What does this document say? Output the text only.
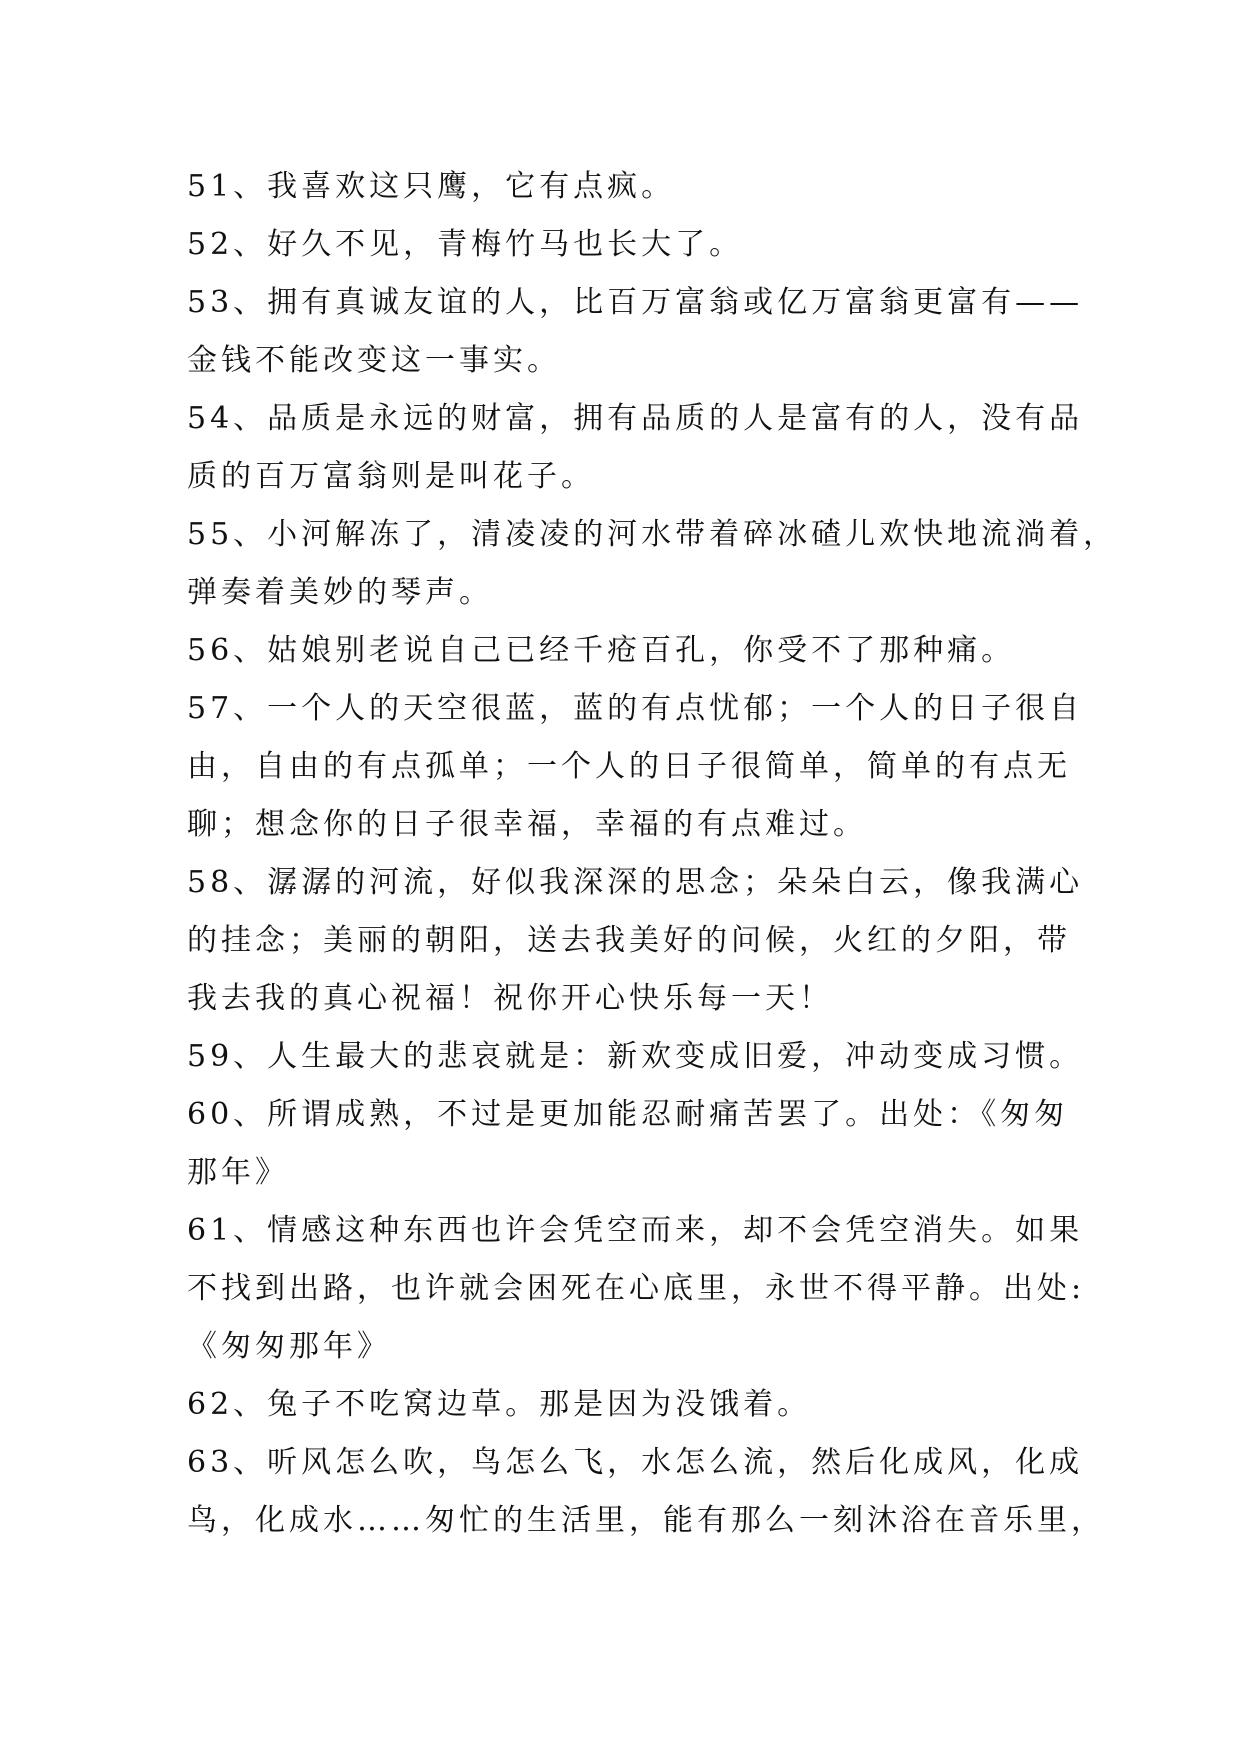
51、我喜欢这只鹰，它有点疯。
52、好久不见，青梅竹马也长大了。
53、拥有真诚友谊的人，比百万富翁或亿万富翁更富有——
金钱不能改变这一事实。
54、品质是永远的财富，拥有品质的人是富有的人，没有品
质的百万富翁则是叫花子。
55、小河解冻了，清凌凌的河水带着碎冰碴儿欢快地流淌着，
弹奏着美妙的琴声。
56、姑娘别老说自己已经千疮百孔，你受不了那种痛。
57、一个人的天空很蓝，蓝的有点忧郁；一个人的日子很自
由，自由的有点孤单；一个人的日子很简单，简单的有点无
聊；想念你的日子很幸福，幸福的有点难过。
58、潺潺的河流，好似我深深的思念；朵朵白云，像我满心
的挂念；美丽的朝阳，送去我美好的问候，火红的夕阳，带
我去我的真心祝福！祝你开心快乐每一天！
59、人生最大的悲哀就是：新欢变成旧爱，冲动变成习惯。
60、所谓成熟，不过是更加能忍耐痛苦罢了。出处：《匆匆
那年》
61、情感这种东西也许会凭空而来，却不会凭空消失。如果
不找到出路，也许就会困死在心底里，永世不得平静。出处:
《匆匆那年》
62、兔子不吃窝边草。那是因为没饿着。
63、听风怎么吹，鸟怎么飞，水怎么流，然后化成风，化成
鸟，化成水……匆忙的生活里，能有那么一刻沐浴在音乐里，
